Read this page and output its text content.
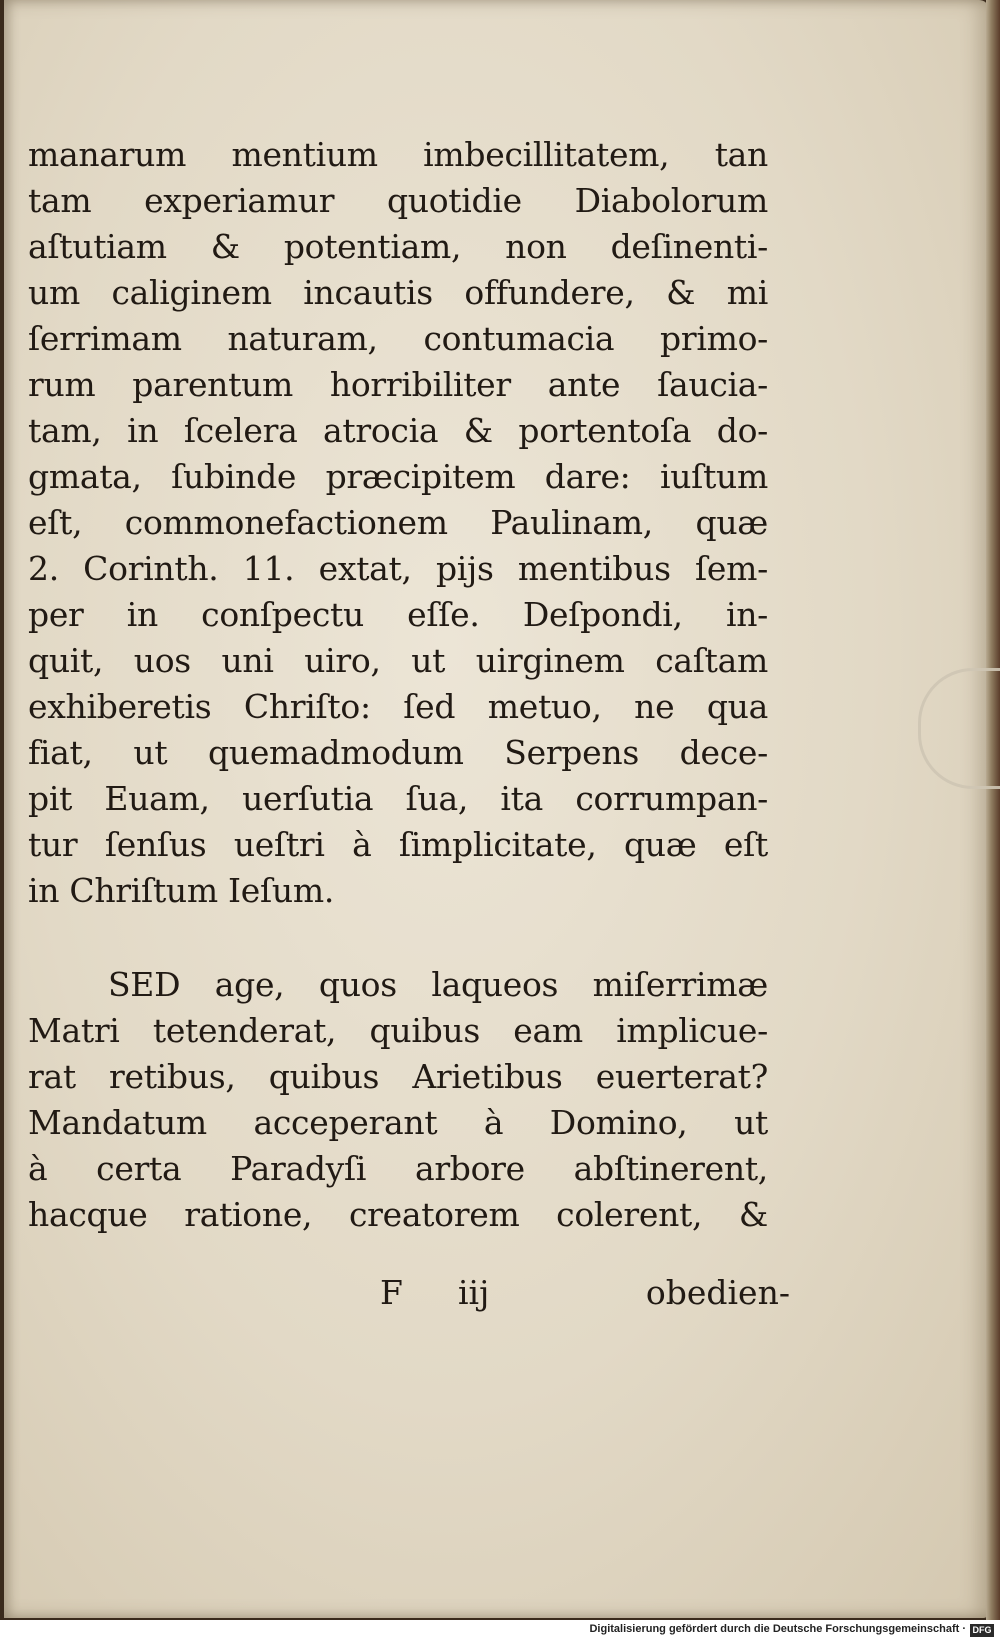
manarum mentium imbecillitatem, tan
tam experiamur quotidie Diabolorum
aſtutiam & potentiam, non deſinenti-
um caliginem incautis offundere, & mi
ſerrimam naturam, contumacia primo-
rum parentum horribiliter ante ſaucia-
tam, in ſcelera atrocia & portentoſa do-
gmata, ſubinde præcipitem dare: iuſtum
eſt, commonefactionem Paulinam, quæ
2. Corinth. 11. extat, pijs mentibus ſem-
per in conſpectu eſſe. Deſpondi, in-
quit, uos uni uiro, ut uirginem caſtam
exhiberetis Chriſto: ſed metuo, ne qua
fiat, ut quemadmodum Serpens dece-
pit Euam, uerſutia ſua, ita corrumpan-
tur ſenſus ueſtri à ſimplicitate, quæ eſt
in Chriſtum Ieſum.
SED age, quos laqueos miſerrimæ
Matri tetenderat, quibus eam implicue-
rat retibus, quibus Arietibus euerterat?
Mandatum acceperant à Domino, ut
à certa Paradyſi arbore abſtinerent,
hacque ratione, creatorem colerent, &
F iij	obedien-
Digitalisierung gefördert durch die Deutsche Forschungsgemeinschaft · DFG
